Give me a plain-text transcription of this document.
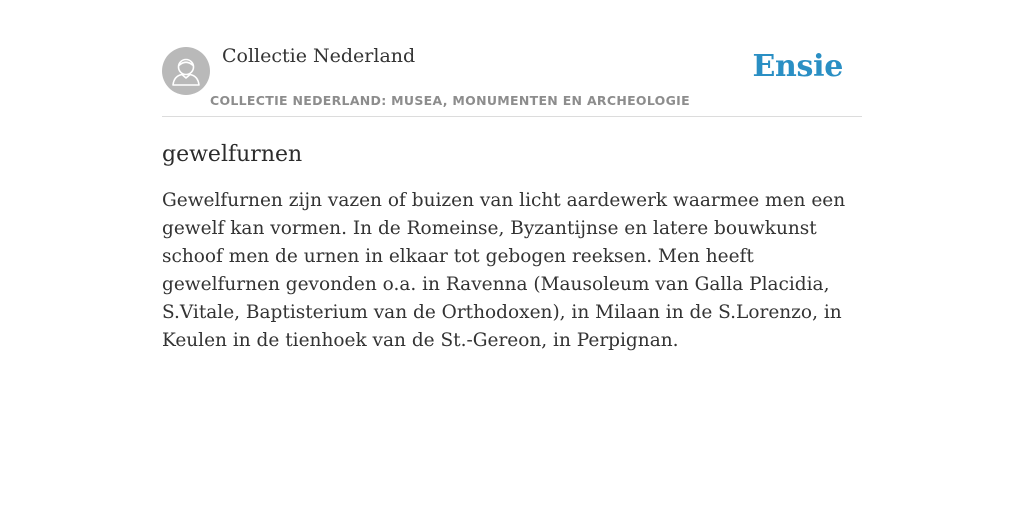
Collectie Nederland
COLLECTIE NEDERLAND: MUSEA, MONUMENTEN EN ARCHEOLOGIE
Ensie
gewelfurnen

Gewelfurnen zijn vazen of buizen van licht aardewerk waarmee men een gewelf kan vormen. In de Romeinse, Byzantijnse en latere bouwkunst schoof men de urnen in elkaar tot gebogen reeksen. Men heeft gewelfurnen gevonden o.a. in Ravenna (Mausoleum van Galla Placidia, S.Vitale, Baptisterium van de Orthodoxen), in Milaan in de S.Lorenzo, in Keulen in de tienhoek van de St.-Gereon, in Perpignan.
